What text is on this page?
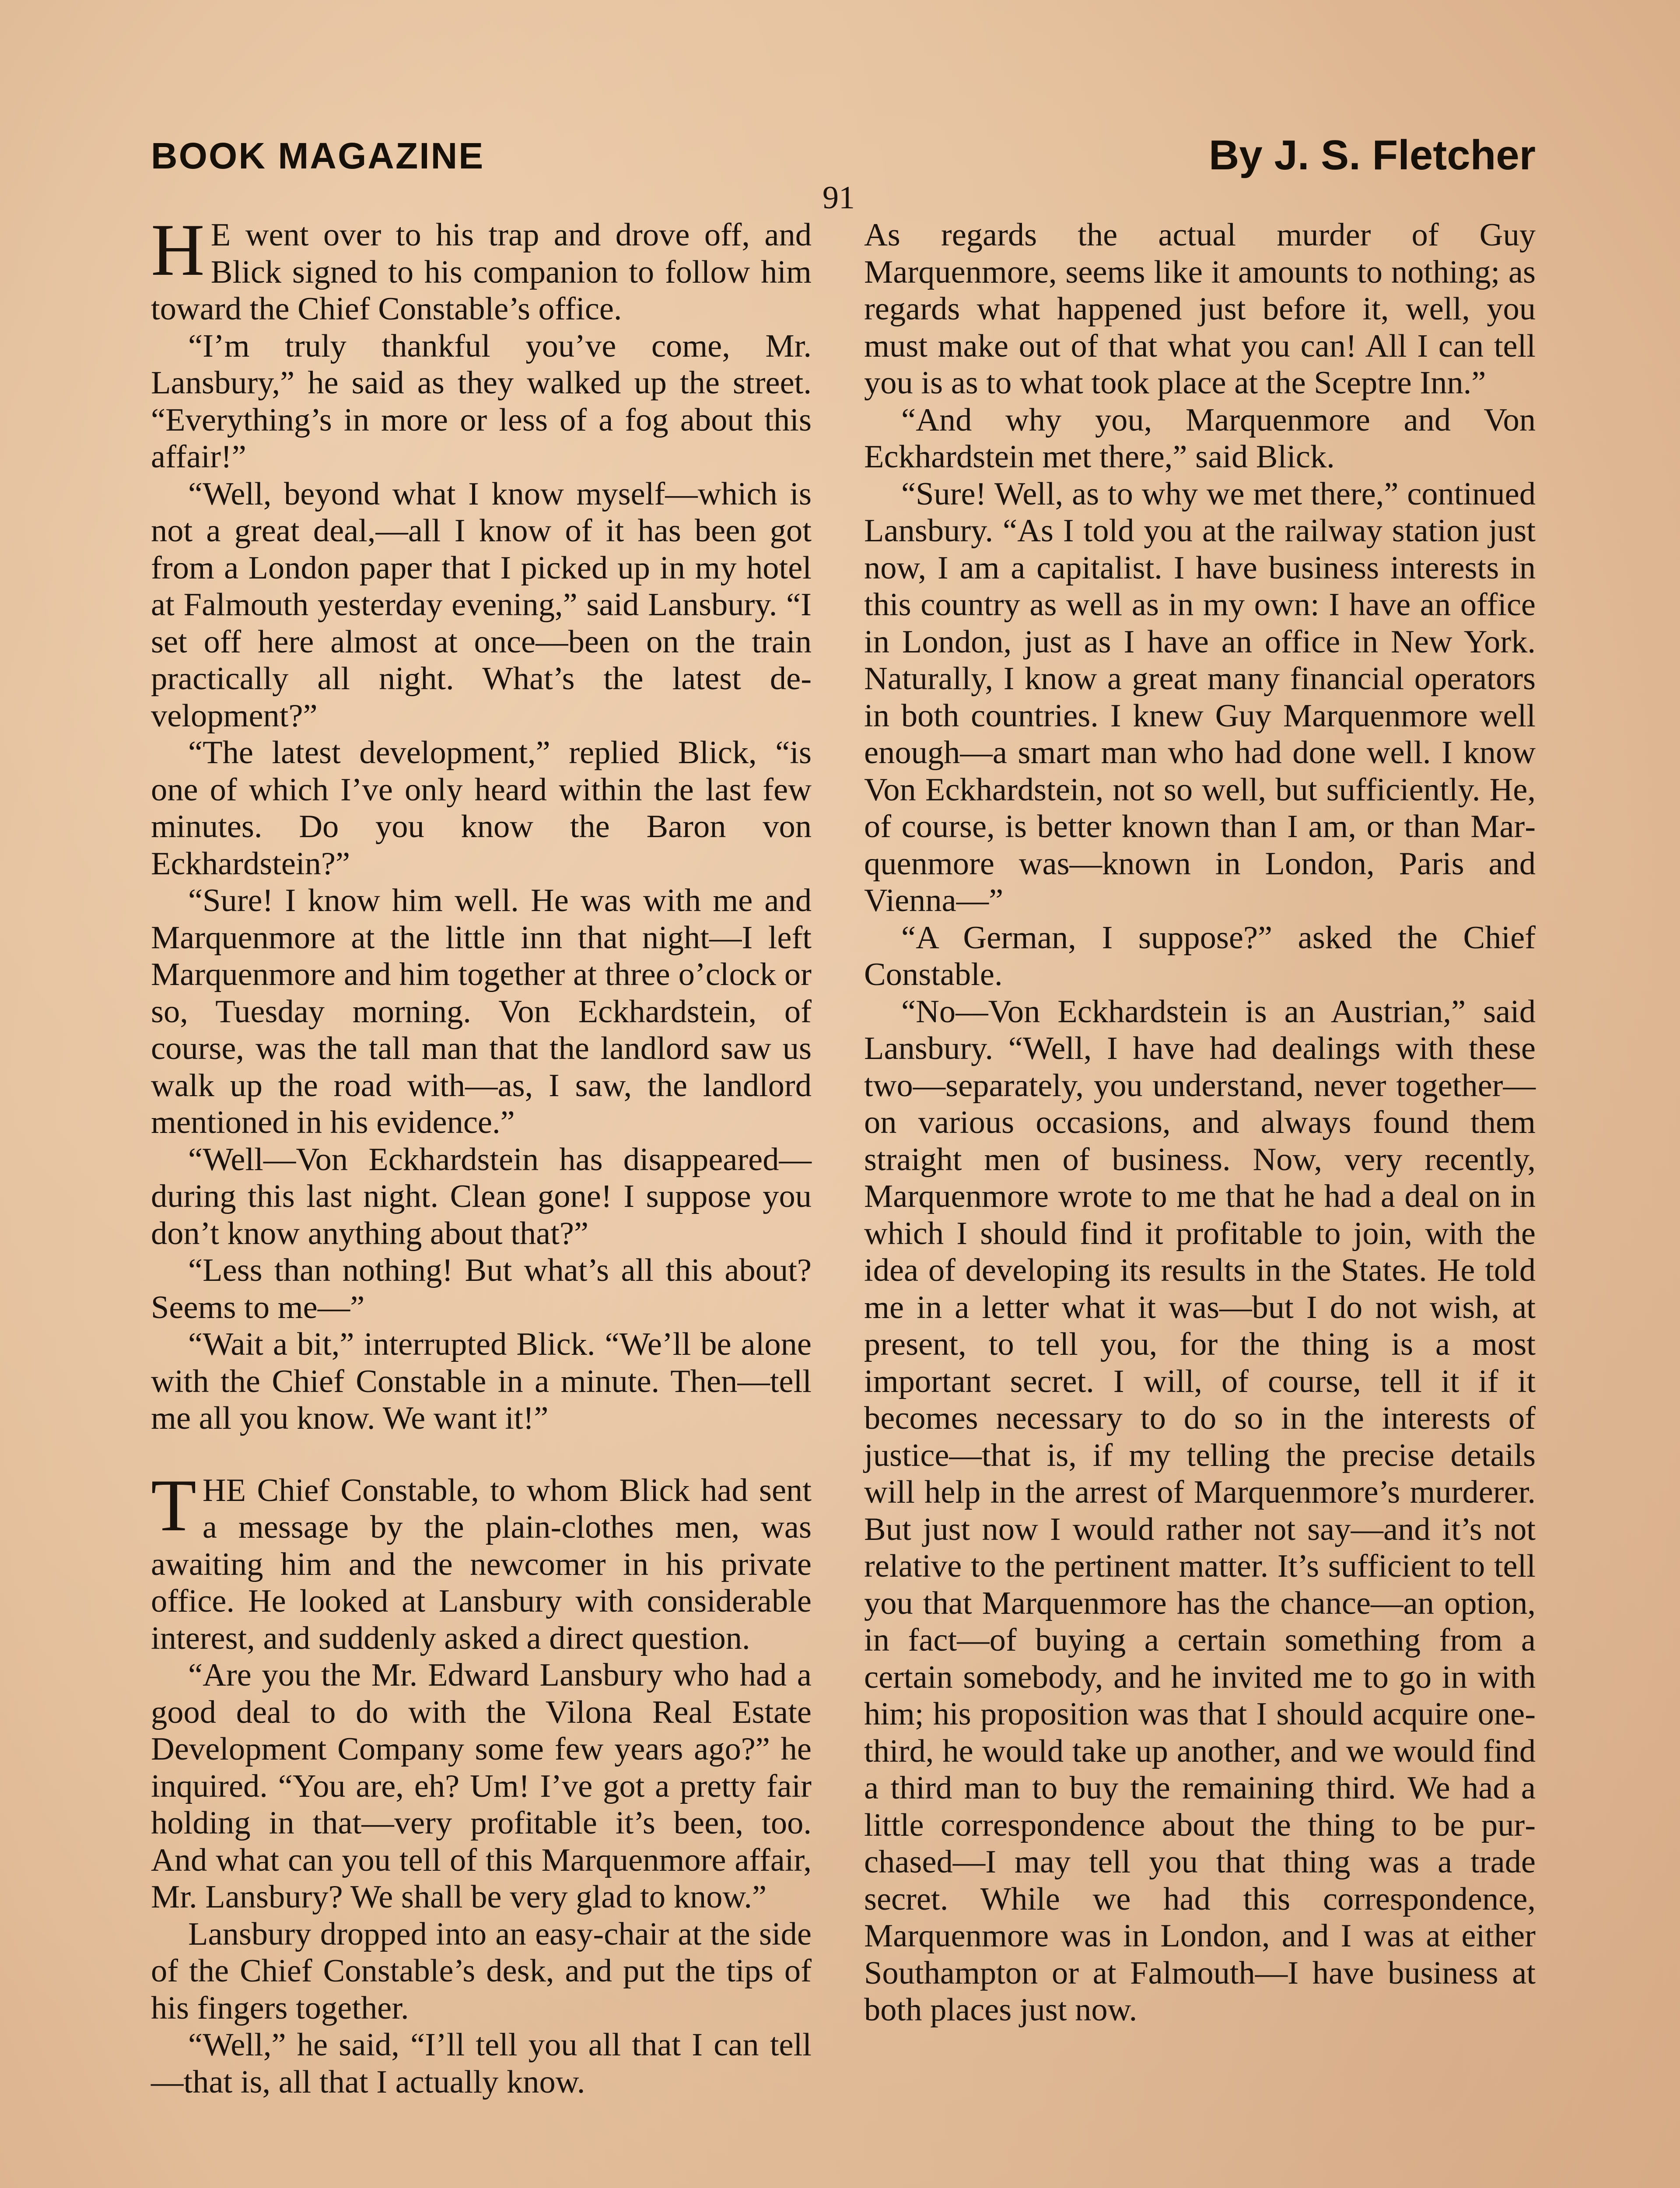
BOOK MAGAZINE	By J. S. Fletcher
91

H E went over to his trap and drove off, and Blick signed to his companion to follow him toward the Chief Constable’s office.

“I’m truly thankful you’ve come, Mr. Lansbury,” he said as they walked up the street. “Everything’s in more or less of a fog about this affair!”

“Well, beyond what I know myself—which is not a great deal,—all I know of it has been got from a London paper that I picked up in my hotel at Falmouth yesterday evening,” said Lansbury. “I set off here almost at once—been on the train practically all night. What’s the latest development?”

“The latest development,” replied Blick, “is one of which I’ve only heard within the last few minutes. Do you know the Baron von Eckhardstein?”

“Sure! I know him well. He was with me and Marquenmore at the little inn that night—I left Marquenmore and him together at three o’clock or so, Tuesday morning. Von Eckhardstein, of course, was the tall man that the landlord saw us walk up the road with—as, I saw, the landlord mentioned in his evidence.”

“Well—Von Eckhardstein has disappeared—during this last night. Clean gone! I suppose you don’t know anything about that?”

“Less than nothing! But what’s all this about? Seems to me—”

“Wait a bit,” interrupted Blick. “We’ll be alone with the Chief Constable in a minute. Then—tell me all you know. We want it!”

THE Chief Constable, to whom Blick had sent a message by the plain-clothes men, was awaiting him and the newcomer in his private office. He looked at Lansbury with considerable interest, and suddenly asked a direct question.

“Are you the Mr. Edward Lansbury who had a good deal to do with the Vilona Real Estate Development Company some few years ago?” he inquired. “You are, eh? Um! I’ve got a pretty fair holding in that—very profitable it’s been, too. And what can you tell of this Marquenmore affair, Mr. Lansbury? We shall be very glad to know.”

Lansbury dropped into an easy-chair at the side of the Chief Constable’s desk, and put the tips of his fingers together.

“Well,” he said, “I’ll tell you all that I can tell—that is, all that I actually know.

As regards the actual murder of Guy Marquenmore, seems like it amounts to nothing; as regards what happened just before it, well, you must make out of that what you can! All I can tell you is as to what took place at the Sceptre Inn.”

“And why you, Marquenmore and Von Eckhardstein met there,” said Blick.

“Sure! Well, as to why we met there,” continued Lansbury. “As I told you at the railway station just now, I am a capitalist. I have business interests in this country as well as in my own: I have an office in London, just as I have an office in New York. Naturally, I know a great many financial operators in both countries. I knew Guy Marquenmore well enough—a smart man who had done well. I know Von Eckhardstein, not so well, but sufficiently. He, of course, is better known than I am, or than Marquenmore was—known in London, Paris and Vienna—”

“A German, I suppose?” asked the Chief Constable.

“No—Von Eckhardstein is an Austrian,” said Lansbury. “Well, I have had dealings with these two—separately, you understand, never together—on various occasions, and always found them straight men of business. Now, very recently, Marquenmore wrote to me that he had a deal on in which I should find it profitable to join, with the idea of developing its results in the States. He told me in a letter what it was—but I do not wish, at present, to tell you, for the thing is a most important secret. I will, of course, tell it if it becomes necessary to do so in the interests of justice—that is, if my telling the precise details will help in the arrest of Marquenmore’s murderer. But just now I would rather not say—and it’s not relative to the pertinent matter. It’s sufficient to tell you that Marquenmore has the chance—an option, in fact—of buying a certain something from a certain somebody, and he invited me to go in with him; his proposition was that I should acquire one-third, he would take up another, and we would find a third man to buy the remaining third. We had a little correspondence about the thing to be purchased—I may tell you that thing was a trade secret. While we had this correspondence, Marquenmore was in London, and I was at either Southampton or at Falmouth—I have business at both places just now.
